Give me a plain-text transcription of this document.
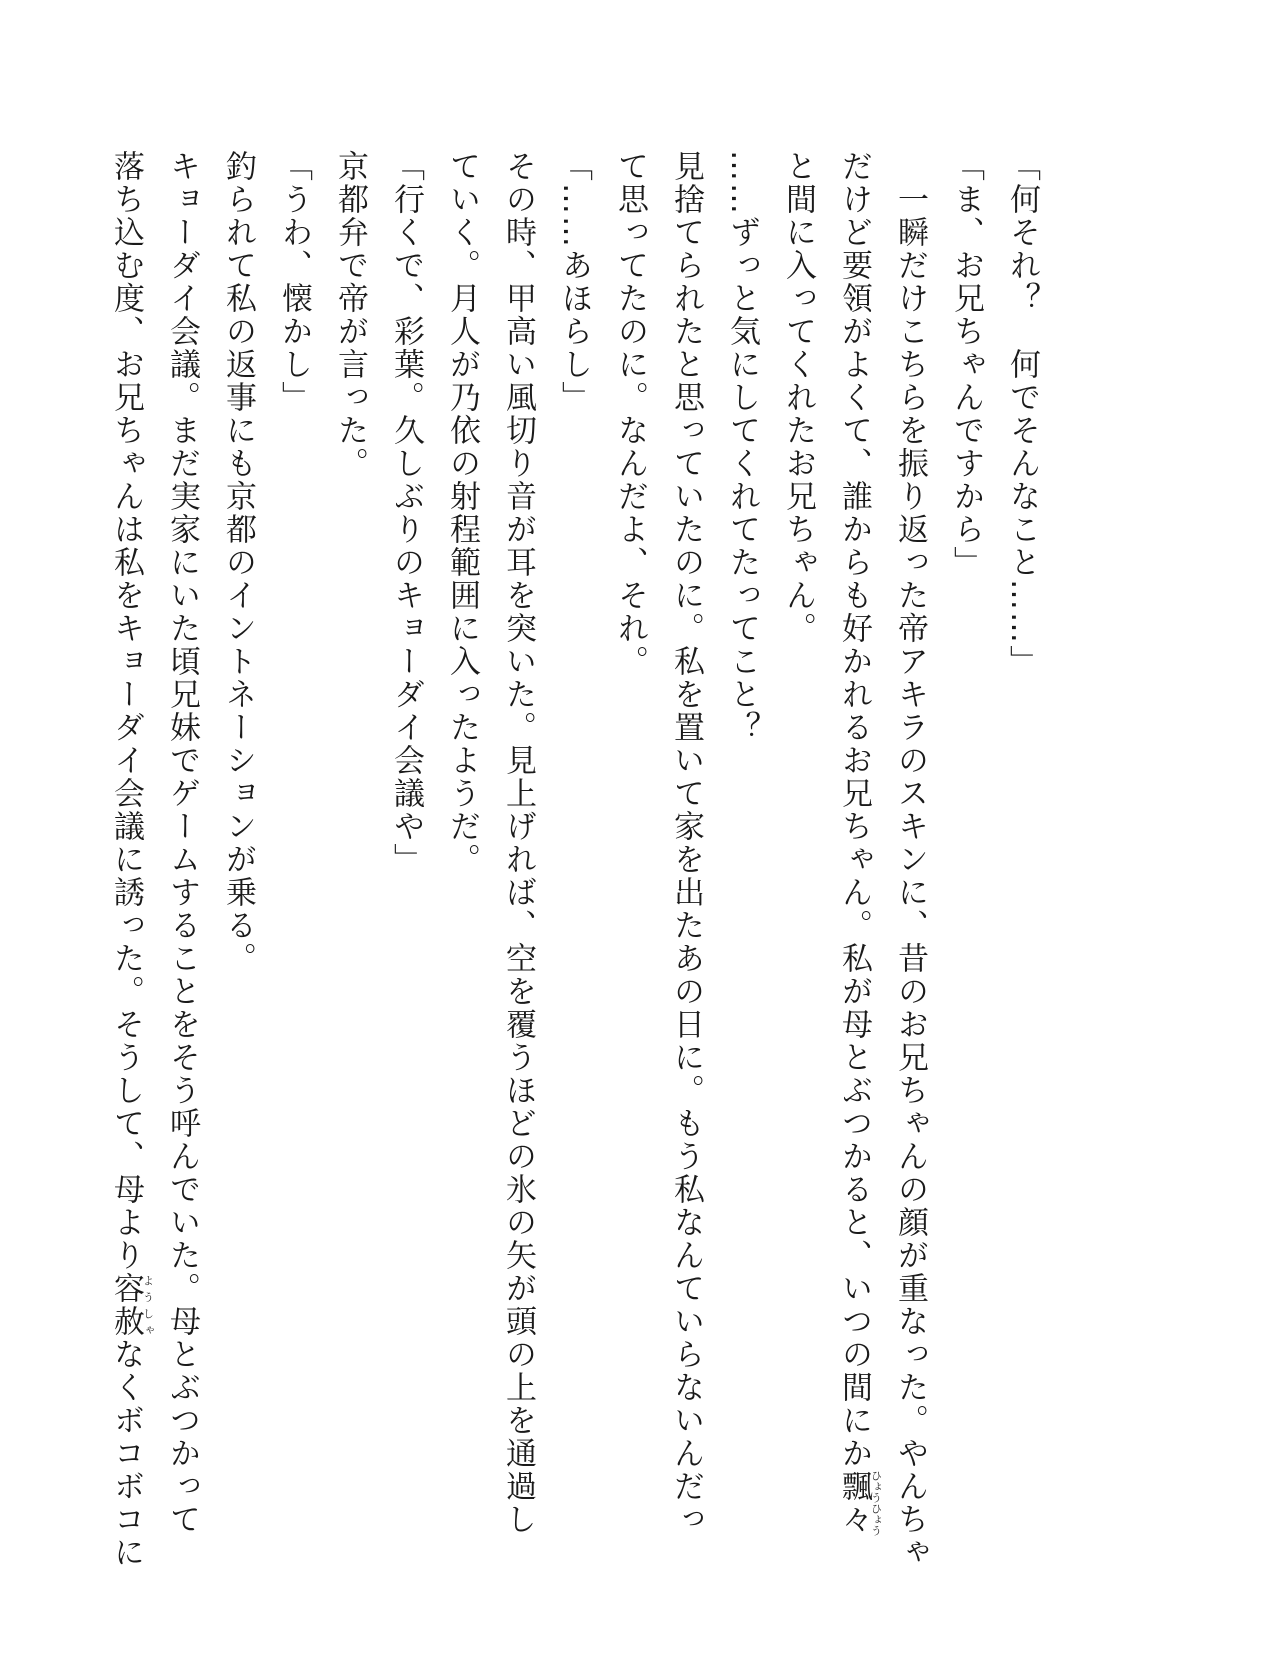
「何それ？　何でそんなこと……」
「ま、お兄ちゃんですから」
　一瞬だけこちらを振り返った帝アキラのスキンに、昔のお兄ちゃんの顔が重なった。やんちゃ
だけど要領がよくて、誰からも好かれるお兄ちゃん。私が母とぶつかると、いつの間にか飄々ひょうひょう
と間に入ってくれたお兄ちゃん。
……ずっと気にしてくれてたってこと？
見捨てられたと思っていたのに。私を置いて家を出たあの日に。もう私なんていらないんだっ
て思ってたのに。なんだよ、それ。
「……あほらし」
その時、甲高い風切り音が耳を突いた。見上げれば、空を覆うほどの氷の矢が頭の上を通過し
ていく。月人が乃依の射程範囲に入ったようだ。
「行くで、彩葉。久しぶりのキョーダイ会議や」
京都弁で帝が言った。
「うわ、懐かし」
釣られて私の返事にも京都のイントネーションが乗る。
キョーダイ会議。まだ実家にいた頃兄妹でゲームすることをそう呼んでいた。母とぶつかって
落ち込む度、お兄ちゃんは私をキョーダイ会議に誘った。そうして、母より容赦ようしゃなくボコボコに
